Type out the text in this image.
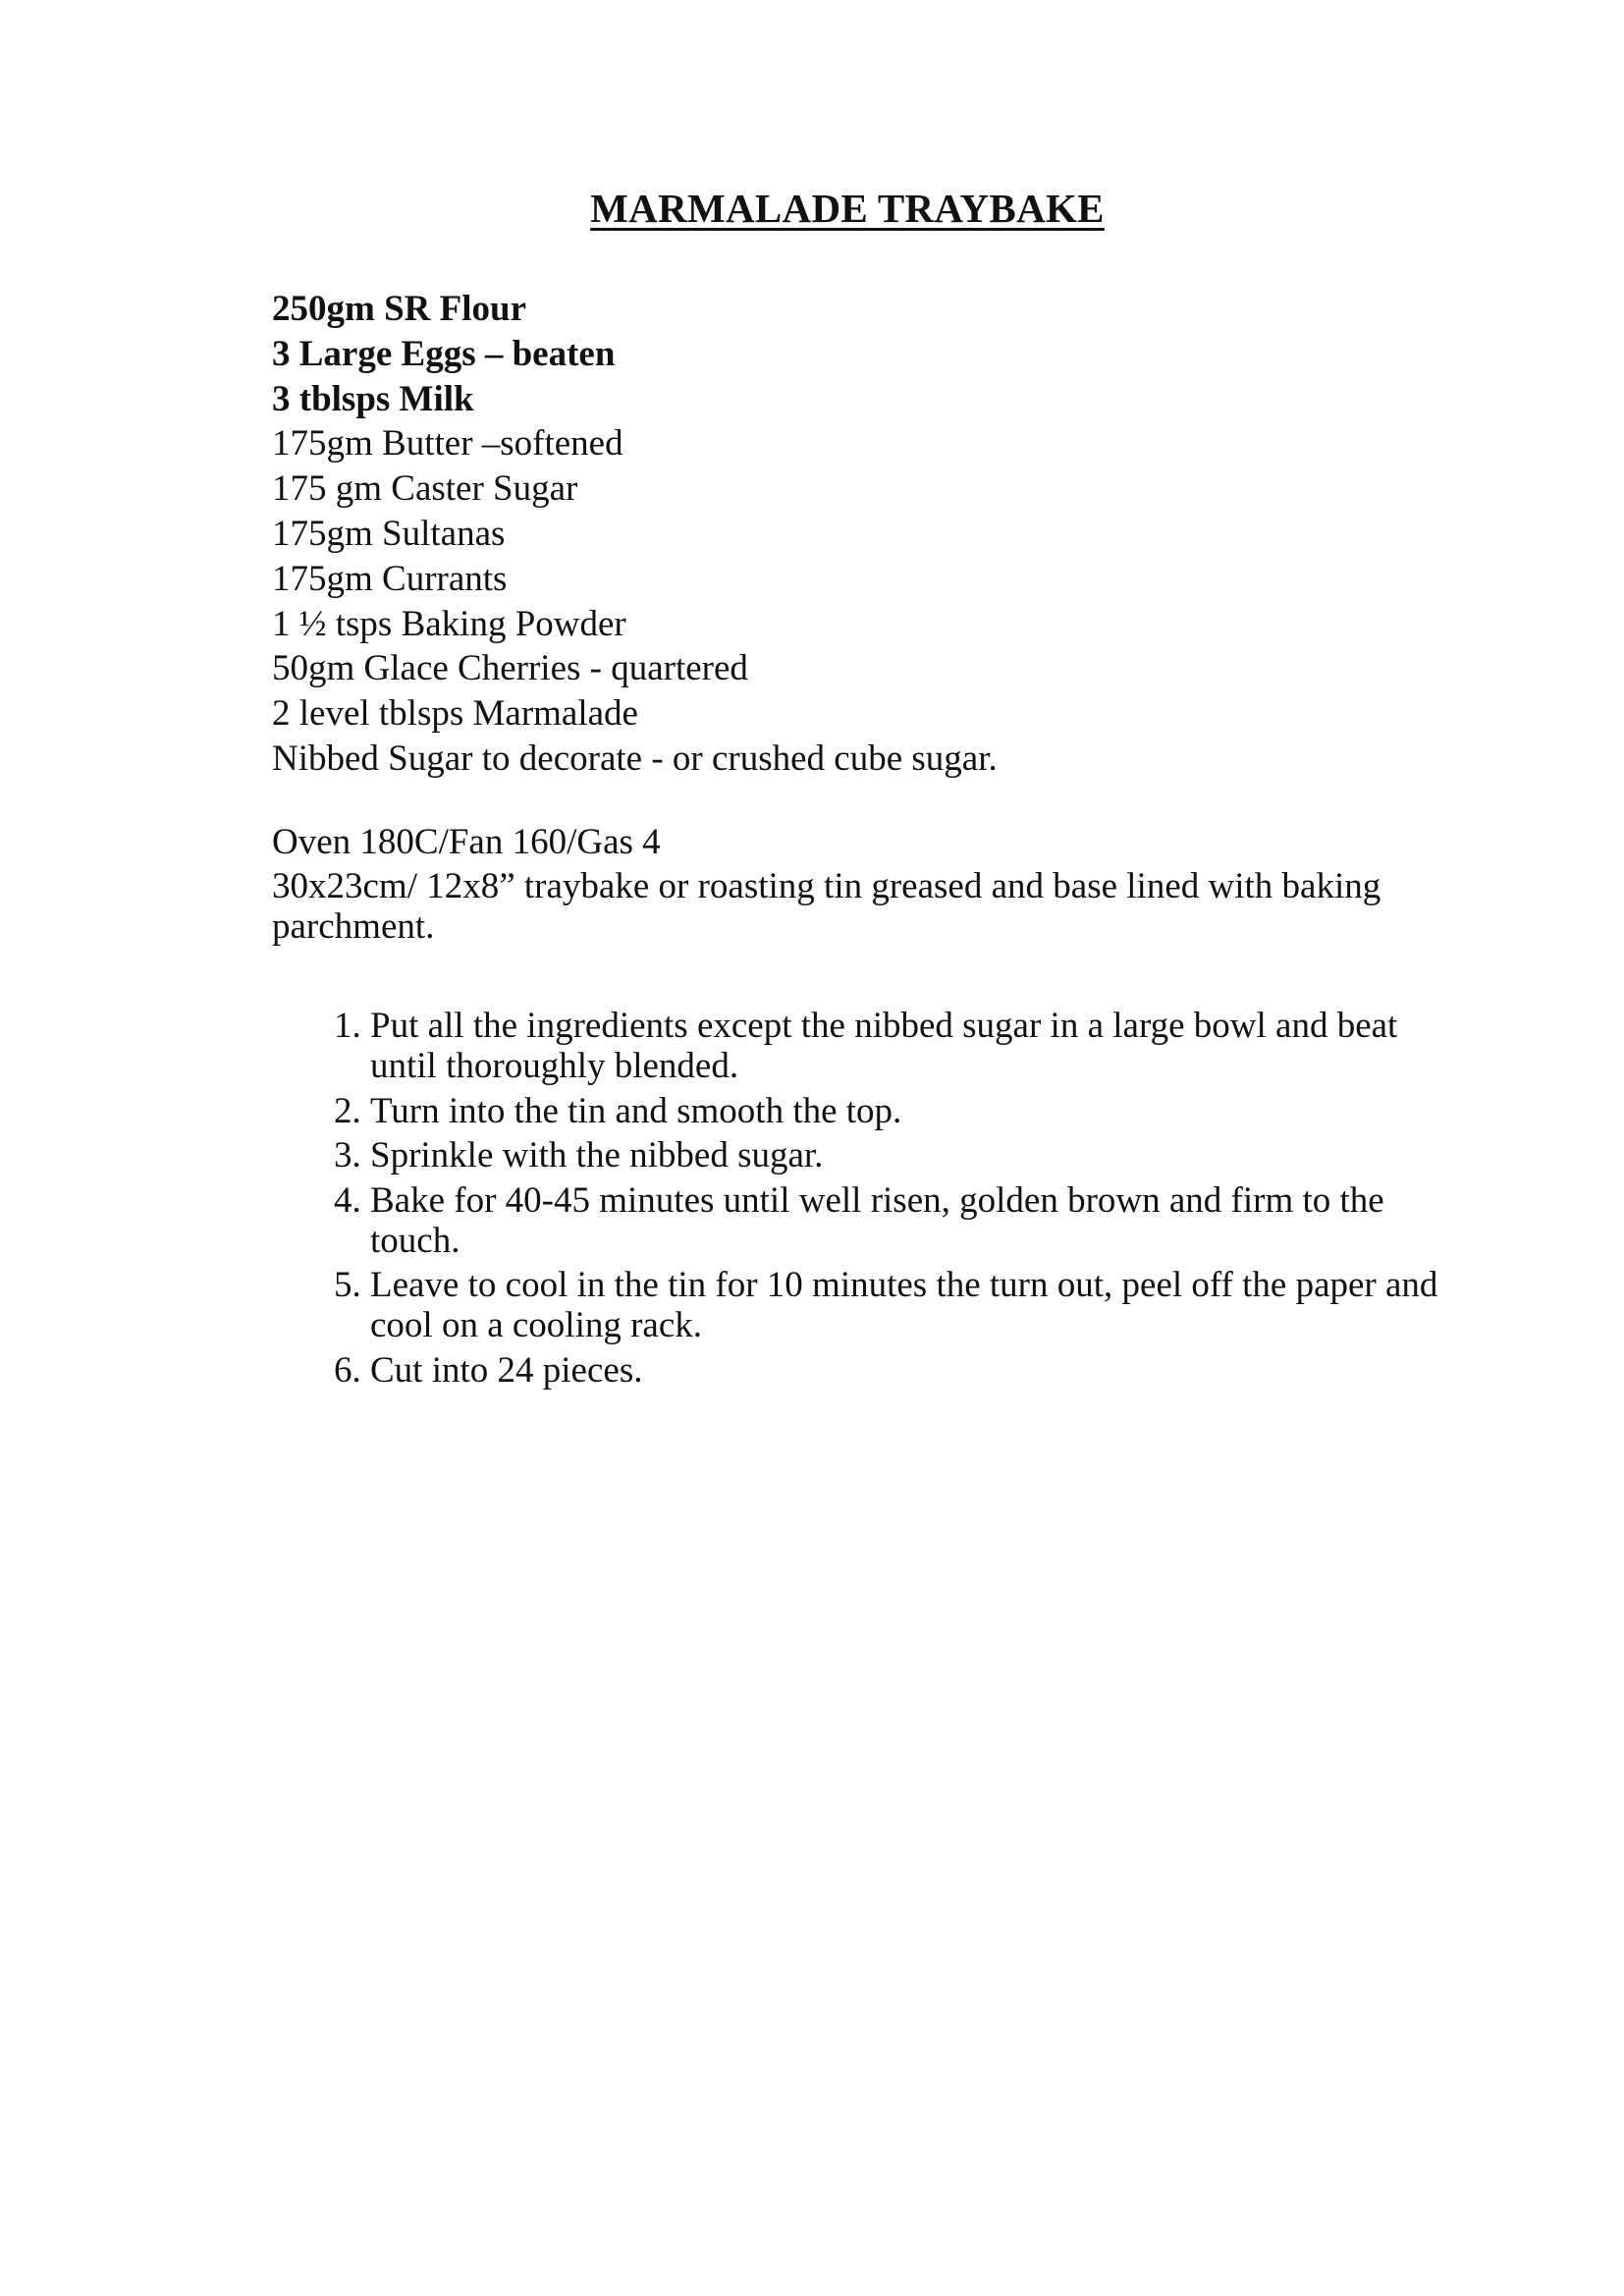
MARMALADE TRAYBAKE
250gm SR Flour
3 Large Eggs – beaten
3 tblsps Milk
175gm Butter –softened
175 gm Caster Sugar
175gm Sultanas
175gm Currants
1 ½ tsps Baking Powder
50gm Glace Cherries - quartered
2 level tblsps Marmalade
Nibbed Sugar to decorate - or crushed cube sugar.

Oven 180C/Fan 160/Gas 4

30x23cm/ 12x8” traybake or roasting tin greased and base lined with baking parchment.

1. Put all the ingredients except the nibbed sugar in a large bowl and beat until thoroughly blended.
2. Turn into the tin and smooth the top.
3. Sprinkle with the nibbed sugar.
4. Bake for 40-45 minutes until well risen, golden brown and firm to the touch.
5. Leave to cool in the tin for 10 minutes the turn out, peel off the paper and cool on a cooling rack.
6. Cut into 24 pieces.
